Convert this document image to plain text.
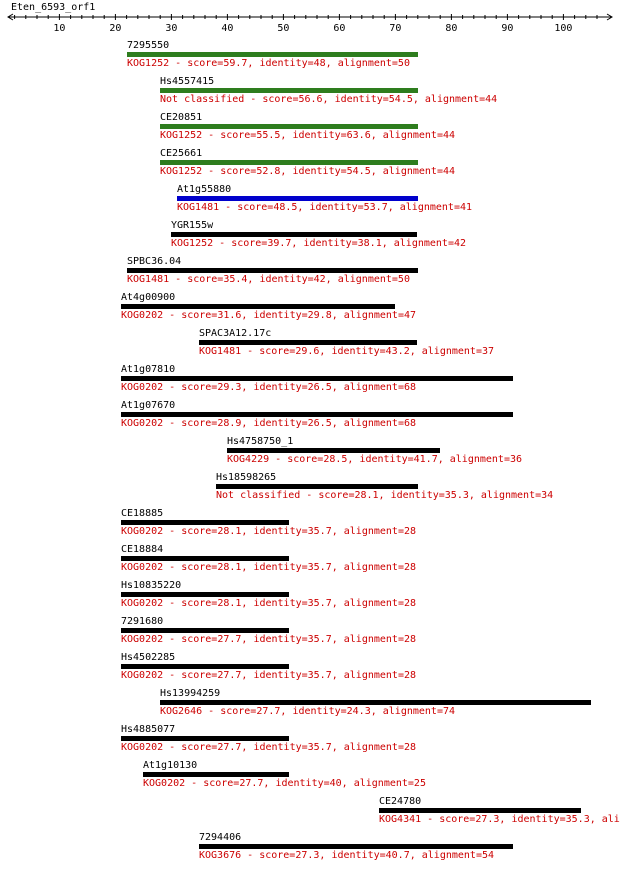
Eten_6593_orf1
10	20	30	40	50	60	70	80	90	100
7295550
KOG1252 - score=59.7, identity=48, alignment=50
Hs4557415
Not classified - score=56.6, identity=54.5, alignment=44
CE20851
KOG1252 - score=55.5, identity=63.6, alignment=44
CE25661
KOG1252 - score=52.8, identity=54.5, alignment=44
At1g55880
KOG1481 - score=48.5, identity=53.7, alignment=41
YGR155w
KOG1252 - score=39.7, identity=38.1, alignment=42
SPBC36.04
KOG1481 - score=35.4, identity=42, alignment=50
At4g00900
KOG0202 - score=31.6, identity=29.8, alignment=47
SPAC3A12.17c
KOG1481 - score=29.6, identity=43.2, alignment=37
At1g07810
KOG0202 - score=29.3, identity=26.5, alignment=68
At1g07670
KOG0202 - score=28.9, identity=26.5, alignment=68
Hs4758750_1
KOG4229 - score=28.5, identity=41.7, alignment=36
Hs18598265
Not classified - score=28.1, identity=35.3, alignment=34
CE18885
KOG0202 - score=28.1, identity=35.7, alignment=28
CE18884
KOG0202 - score=28.1, identity=35.7, alignment=28
Hs10835220
KOG0202 - score=28.1, identity=35.7, alignment=28
7291680
KOG0202 - score=27.7, identity=35.7, alignment=28
Hs4502285
KOG0202 - score=27.7, identity=35.7, alignment=28
Hs13994259
KOG2646 - score=27.7, identity=24.3, alignment=74
Hs4885077
KOG0202 - score=27.7, identity=35.7, alignment=28
At1g10130
KOG0202 - score=27.7, identity=40, alignment=25
CE24780
KOG4341 - score=27.3, identity=35.3, ali
7294406
KOG3676 - score=27.3, identity=40.7, alignment=54
